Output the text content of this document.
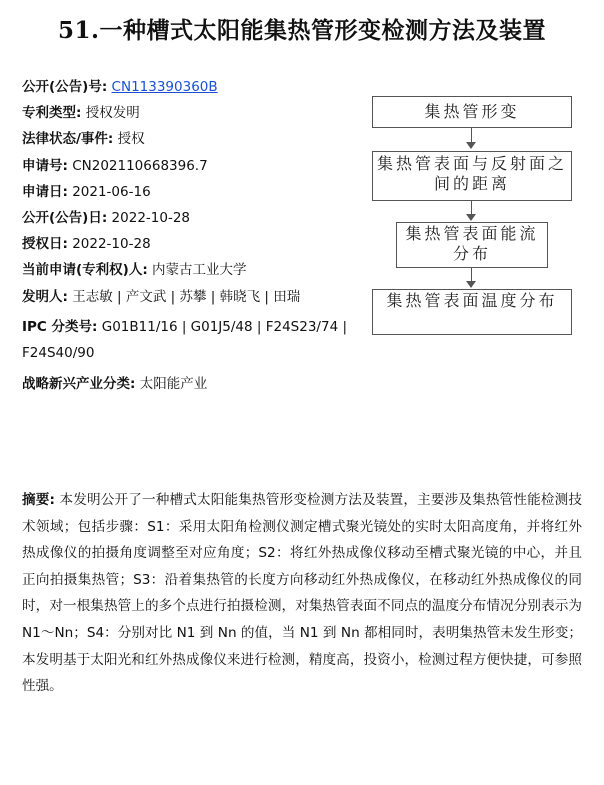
51.一种槽式太阳能集热管形变检测方法及装置
公开(公告)号: CN113390360B
专利类型: 授权发明
法律状态/事件: 授权
申请号: CN202110668396.7
申请日: 2021-06-16
公开(公告)日: 2022-10-28
授权日: 2022-10-28
当前申请(专利权)人: 内蒙古工业大学
发明人: 王志敏 | 产文武 | 苏攀 | 韩晓飞 | 田瑞
IPC 分类号: G01B11/16 | G01J5/48 | F24S23/74 | F24S40/90
战略新兴产业分类: 太阳能产业
集热管形变
集热管表面与反射面之间的距离
集热管表面能流分布
集热管表面温度分布
摘要: 本发明公开了一种槽式太阳能集热管形变检测方法及装置，主要涉及集热管性能检测技术领域；包括步骤：S1：采用太阳角检测仪测定槽式聚光镜处的实时太阳高度角，并将红外热成像仪的拍摄角度调整至对应角度；S2：将红外热成像仪移动至槽式聚光镜的中心，并且正向拍摄集热管；S3：沿着集热管的长度方向移动红外热成像仪，在移动红外热成像仪的同时，对一根集热管上的多个点进行拍摄检测，对集热管表面不同点的温度分布情况分别表示为 N1～Nn；S4：分别对比 N1 到 Nn 的值，当 N1 到 Nn 都相同时，表明集热管未发生形变；本发明基于太阳光和红外热成像仪来进行检测，精度高，投资小，检测过程方便快捷，可参照性强。
